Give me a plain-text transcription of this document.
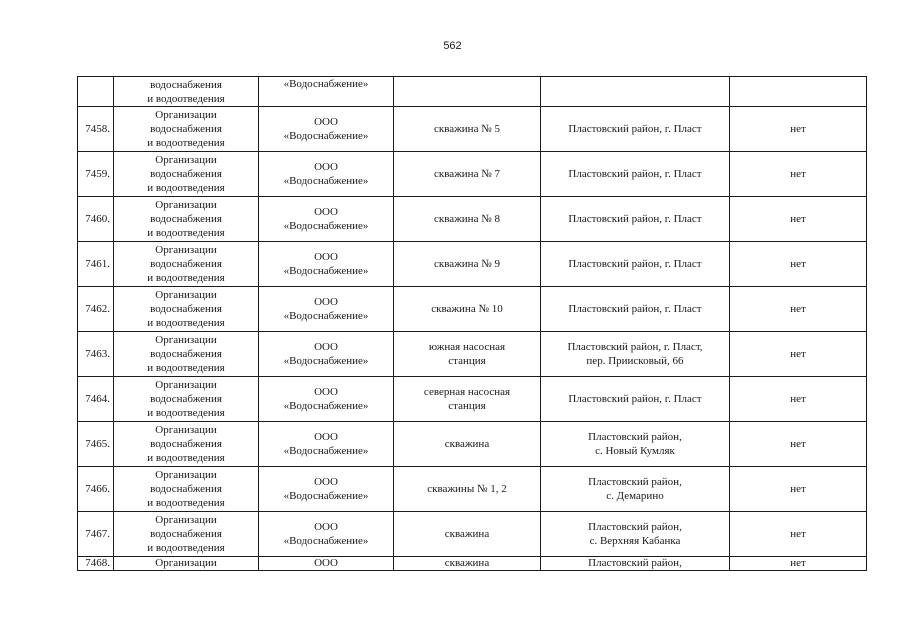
562

	водоснабжения
и водоотведения	«Водоснабжение»			

7458.	Организации
водоснабжения
и водоотведения	ООО
«Водоснабжение»	скважина № 5	Пластовский район, г. Пласт	нет
7459.	Организации
водоснабжения
и водоотведения	ООО
«Водоснабжение»	скважина № 7	Пластовский район, г. Пласт	нет
7460.	Организации
водоснабжения
и водоотведения	ООО
«Водоснабжение»	скважина № 8	Пластовский район, г. Пласт	нет
7461.	Организации
водоснабжения
и водоотведения	ООО
«Водоснабжение»	скважина № 9	Пластовский район, г. Пласт	нет
7462.	Организации
водоснабжения
и водоотведения	ООО
«Водоснабжение»	скважина № 10	Пластовский район, г. Пласт	нет
7463.	Организации
водоснабжения
и водоотведения	ООО
«Водоснабжение»	южная насосная
станция	Пластовский район, г. Пласт,
пер. Приисковый, 66	нет
7464.	Организации
водоснабжения
и водоотведения	ООО
«Водоснабжение»	северная насосная
станция	Пластовский район, г. Пласт	нет
7465.	Организации
водоснабжения
и водоотведения	ООО
«Водоснабжение»	скважина	Пластовский район,
с. Новый Кумляк	нет
7466.	Организации
водоснабжения
и водоотведения	ООО
«Водоснабжение»	скважины № 1, 2	Пластовский район,
с. Демарино	нет
7467.	Организации
водоснабжения
и водоотведения	ООО
«Водоснабжение»	скважина	Пластовский район,
с. Верхняя Кабанка	нет
7468.	Организации	ООО	скважина	Пластовский район,	нет
